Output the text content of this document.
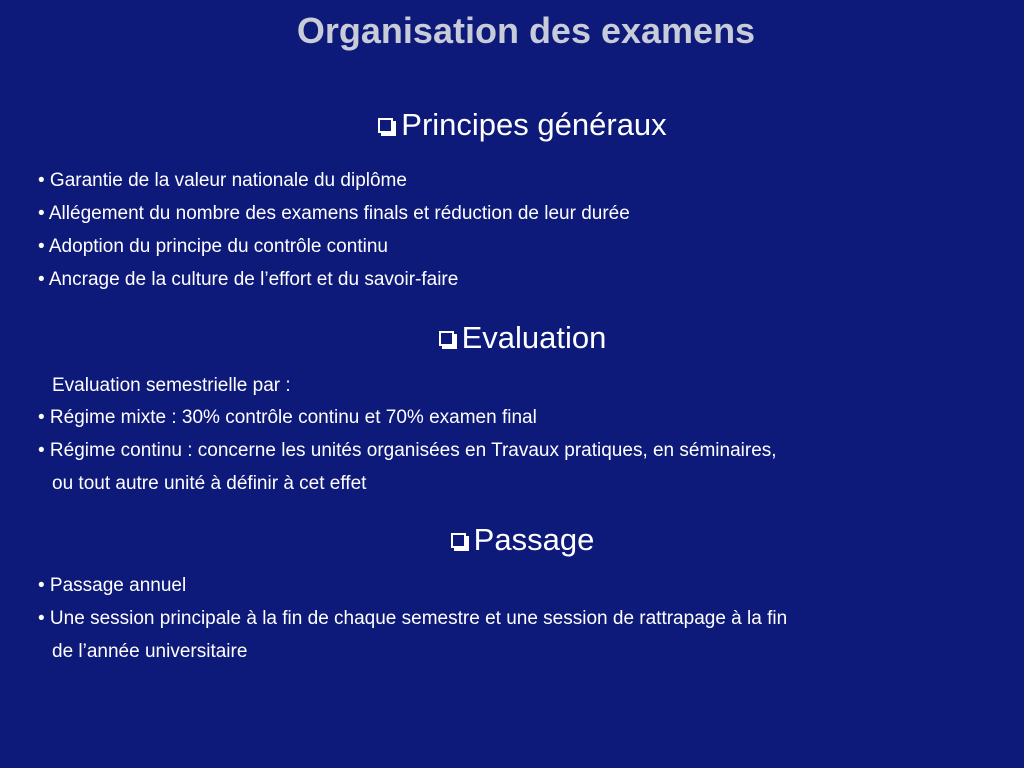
Organisation des examens
Principes généraux
• Garantie de la valeur nationale du diplôme
• Allégement du nombre des examens finals et réduction de leur durée
• Adoption du principe du contrôle continu
• Ancrage de la culture de l’effort et du savoir-faire
Evaluation
Evaluation semestrielle par :
• Régime mixte : 30% contrôle continu et 70% examen final
• Régime continu : concerne les unités organisées en Travaux pratiques, en séminaires,
ou tout autre unité à définir à cet effet
Passage
• Passage annuel
• Une session principale à la fin de chaque semestre et une session de rattrapage à la fin
de l’année universitaire
